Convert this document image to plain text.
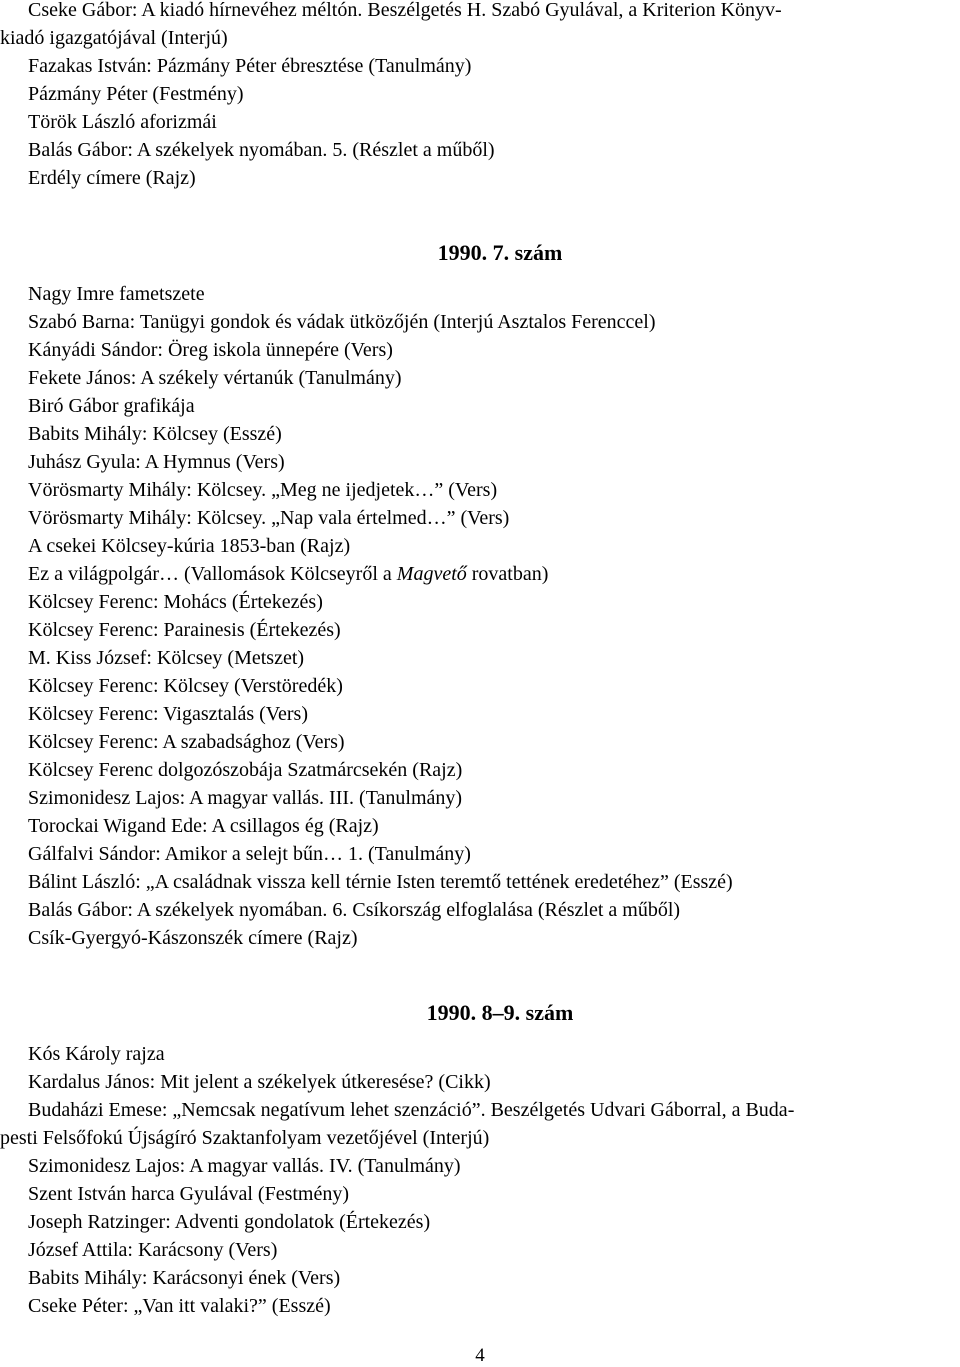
Cseke Gábor: A kiadó hírnevéhez méltón. Beszélgetés H. Szabó Gyulával, a Kriterion Könyv-
kiadó igazgatójával (Interjú)
Fazakas István: Pázmány Péter ébresztése (Tanulmány)
Pázmány Péter (Festmény)
Török László aforizmái
Balás Gábor: A székelyek nyomában. 5. (Részlet a műből)
Erdély címere (Rajz)
1990. 7. szám
Nagy Imre fametszete
Szabó Barna: Tanügyi gondok és vádak ütközőjén (Interjú Asztalos Ferenccel)
Kányádi Sándor: Öreg iskola ünnepére (Vers)
Fekete János: A székely vértanúk (Tanulmány)
Biró Gábor grafikája
Babits Mihály: Kölcsey (Esszé)
Juhász Gyula: A Hymnus (Vers)
Vörösmarty Mihály: Kölcsey. „Meg ne ijedjetek…” (Vers)
Vörösmarty Mihály: Kölcsey. „Nap vala értelmed…” (Vers)
A csekei Kölcsey-kúria 1853-ban (Rajz)
Ez a világpolgár… (Vallomások Kölcseyről a Magvető rovatban)
Kölcsey Ferenc: Mohács (Értekezés)
Kölcsey Ferenc: Parainesis (Értekezés)
M. Kiss József: Kölcsey (Metszet)
Kölcsey Ferenc: Kölcsey (Verstöredék)
Kölcsey Ferenc: Vigasztalás (Vers)
Kölcsey Ferenc: A szabadsághoz (Vers)
Kölcsey Ferenc dolgozószobája Szatmárcsekén (Rajz)
Szimonidesz Lajos: A magyar vallás. III. (Tanulmány)
Torockai Wigand Ede: A csillagos ég (Rajz)
Gálfalvi Sándor: Amikor a selejt bűn… 1. (Tanulmány)
Bálint László: „A családnak vissza kell térnie Isten teremtő tettének eredetéhez” (Esszé)
Balás Gábor: A székelyek nyomában. 6. Csíkország elfoglalása (Részlet a műből)
Csík-Gyergyó-Kászonszék címere (Rajz)
1990. 8–9. szám
Kós Károly rajza
Kardalus János: Mit jelent a székelyek útkeresése? (Cikk)
Budaházi Emese: „Nemcsak negatívum lehet szenzáció”. Beszélgetés Udvari Gáborral, a Buda-
pesti Felsőfokú Újságíró Szaktanfolyam vezetőjével (Interjú)
Szimonidesz Lajos: A magyar vallás. IV. (Tanulmány)
Szent István harca Gyulával (Festmény)
Joseph Ratzinger: Adventi gondolatok (Értekezés)
József Attila: Karácsony (Vers)
Babits Mihály: Karácsonyi ének (Vers)
Cseke Péter: „Van itt valaki?” (Esszé)
4
